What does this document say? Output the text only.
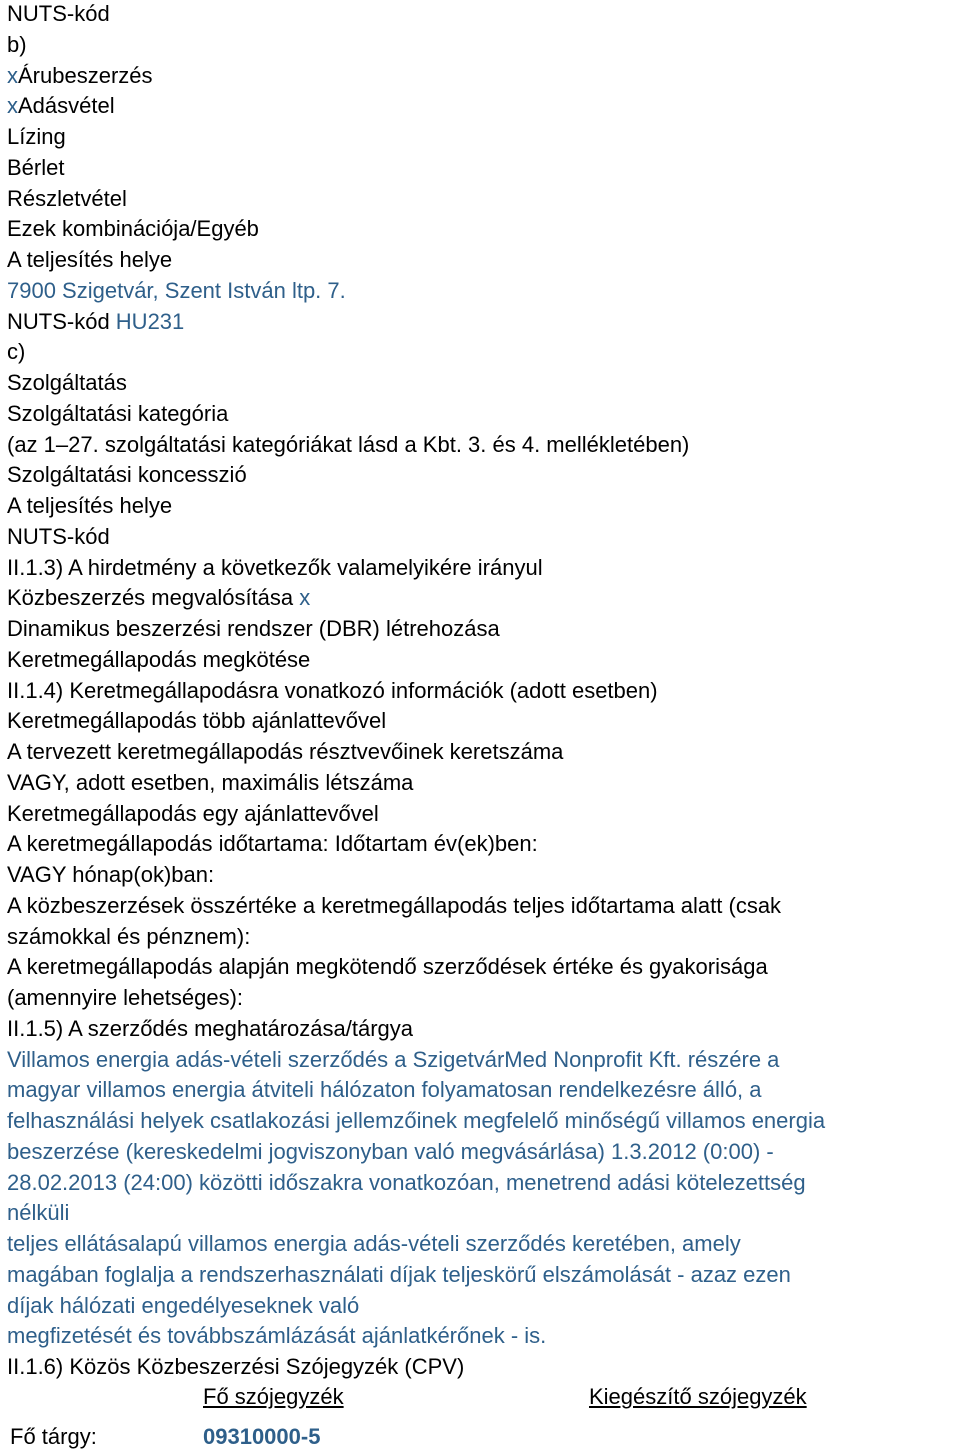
NUTS-kód
b)
xÁrubeszerzés
xAdásvétel
Lízing
Bérlet
Részletvétel
Ezek kombinációja/Egyéb
A teljesítés helye
7900 Szigetvár, Szent István ltp. 7.
NUTS-kód HU231
c)
Szolgáltatás
Szolgáltatási kategória
(az 1–27. szolgáltatási kategóriákat lásd a Kbt. 3. és 4. mellékletében)
Szolgáltatási koncesszió
A teljesítés helye
NUTS-kód
II.1.3) A hirdetmény a következők valamelyikére irányul
Közbeszerzés megvalósítása x
Dinamikus beszerzési rendszer (DBR) létrehozása
Keretmegállapodás megkötése
II.1.4) Keretmegállapodásra vonatkozó információk (adott esetben)
Keretmegállapodás több ajánlattevővel
A tervezett keretmegállapodás résztvevőinek keretszáma
VAGY, adott esetben, maximális létszáma
Keretmegállapodás egy ajánlattevővel
A keretmegállapodás időtartama: Időtartam év(ek)ben:
VAGY hónap(ok)ban:
A közbeszerzések összértéke a keretmegállapodás teljes időtartama alatt (csak
számokkal és pénznem):
A keretmegállapodás alapján megkötendő szerződések értéke és gyakorisága
(amennyire lehetséges):
II.1.5) A szerződés meghatározása/tárgya
Villamos energia adás-vételi szerződés a SzigetvárMed Nonprofit Kft. részére a
magyar villamos energia átviteli hálózaton folyamatosan rendelkezésre álló, a
felhasználási helyek csatlakozási jellemzőinek megfelelő minőségű villamos energia
beszerzése (kereskedelmi jogviszonyban való megvásárlása) 1.3.2012 (0:00) -
28.02.2013 (24:00) közötti időszakra vonatkozóan, menetrend adási kötelezettség
nélküli
teljes ellátásalapú villamos energia adás-vételi szerződés keretében, amely
magában foglalja a rendszerhasználati díjak teljeskörű elszámolását - azaz ezen
díjak hálózati engedélyeseknek való
megfizetését és továbbszámlázását ajánlatkérőnek - is.
II.1.6) Közös Közbeszerzési Szójegyzék (CPV)
Fő szójegyzék	Kiegészítő szójegyzék
Fő tárgy:	09310000-5
